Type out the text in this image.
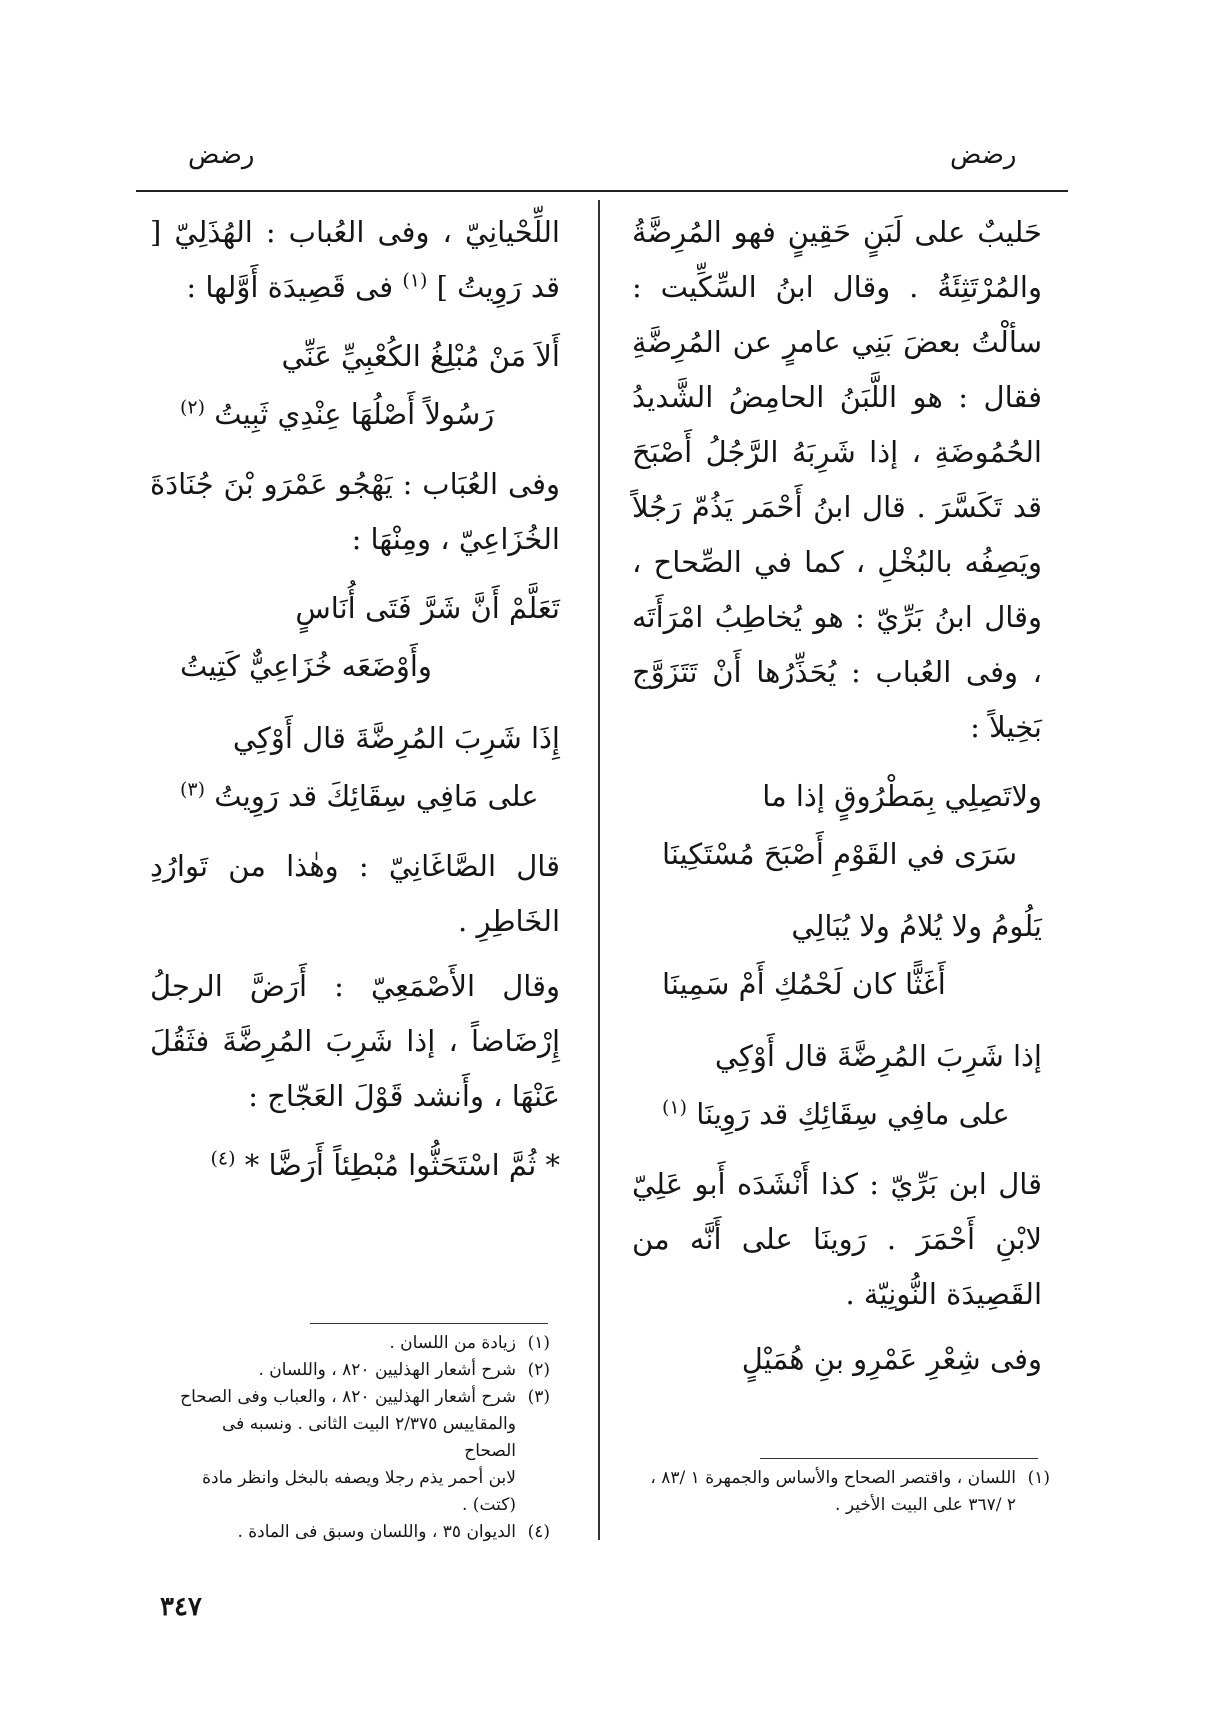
رضض
رضض

حَليبٌ على لَبَنٍ حَقِينٍ فهو المُرِضَّةُ والمُرْتَثِئَةُ . وقال ابنُ السِّكِّيت : سألْتُ بعضَ بَنِي عامرٍ عن المُرِضَّةِ فقال : هو اللَّبَنُ الحامِضُ الشَّديدُ الحُمُوضَةِ ، إذا شَرِبَهُ الرَّجُلُ أَصْبَحَ قد تَكَسَّرَ . قال ابنُ أَحْمَر يَذُمّ رَجُلاً ويَصِفُه بالبُخْلِ ، كما في الصِّحاح ، وقال ابنُ بَرِّيّ : هو يُخاطِبُ امْرَأَتَه ، وفى العُباب : يُحَذِّرُها أَنْ تَتَزَوَّج بَخِيلاً :

ولاتَصِلِي بِمَطْرُوقٍ إذا ما
سَرَى في القَوْمِ أَصْبَحَ مُسْتَكِينَا
يَلُومُ ولا يُلامُ ولا يُبَالِي
أَغَثًّا كان لَحْمُكِ أَمْ سَمِينَا
إذا شَرِبَ المُرِضَّةَ قال أَوْكِي
على مافِي سِقَائِكِ قد رَوِينَا $^{(١)}$

قال ابن بَرِّيّ : كذا أَنْشَدَه أَبو عَلِيّ لابْنِ أَحْمَرَ . رَوينَا على أَنَّه من القَصِيدَة النُّونِيّة .

وفى شِعْرِ عَمْرِو بنِ هُمَيْلٍ

اللِّحْيانِيّ ، وفى العُباب : الهُذَلِيّ [ قد رَوِيتُ ] $^{(١)}$ فى قَصِيدَة أَوَّلها :

أَلاَ مَنْ مُبْلِغُ الكُعْبِيِّ عَنِّي
رَسُولاً أَصْلُهَا عِنْدِي ثَبِيتُ $^{(٢)}$

وفى العُبَاب : يَهْجُو عَمْرَو بْنَ جُنَادَةَ الخُزَاعِيّ ، ومِنْهَا :

تَعَلَّمْ أَنَّ شَرَّ فَتَى أُنَاسٍ
وأَوْضَعَه خُزَاعِيٌّ كَتِيتُ
إِذَا شَرِبَ المُرِضَّةَ قال أَوْكِي
على مَافِي سِقَائِكَ قد رَوِيتُ $^{(٣)}$

قال الصَّاغَانِيّ : وهٰذا من تَوارُدِ الخَاطِرِ .

وقال الأَصْمَعِيّ : أَرَضَّ الرجلُ إِرْضَاضاً ، إذا شَرِبَ المُرِضَّةَ فثَقُلَ عَنْهَا ، وأَنشد قَوْلَ العَجّاج :

* ثُمَّ اسْتَحَثُّوا مُبْطِئاً أَرَضَّا * $^{(٤)}$
(١)زيادة من اللسان .
(٢)شرح أشعار الهذليين ٨٢٠ ، واللسان .
(٣)شرح أشعار الهذليين ٨٢٠ ، والعباب وفى الصحاح
والمقاييس ٢/٣٧٥ البيت الثانى . ونسبه فى الصحاح
لابن أحمر يذم رجلا ويصفه بالبخل وانظر مادة
(كتت) .
(٤)الديوان ٣٥ ، واللسان وسبق فى المادة .
(١)اللسان ، واقتصر الصحاح والأساس والجمهرة ١ /٨٣ ،
٢ /٣٦٧ على البيت الأخير .
٣٤٧
